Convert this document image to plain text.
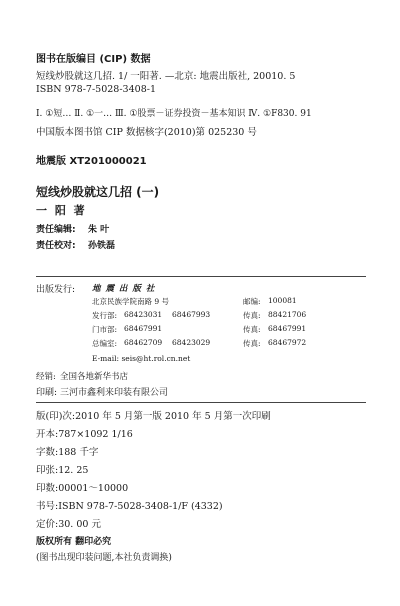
图书在版编目 (CIP) 数据
短线炒股就这几招. 1/ 一阳著. —北京: 地震出版社, 20010. 5
ISBN 978-7-5028-3408-1
Ⅰ. ①短… Ⅱ. ①一… Ⅲ. ①股票－证券投资－基本知识 Ⅳ. ①F830. 91
中国版本图书馆 CIP 数据核字(2010)第 025230 号
地震版 XT201000021
短线炒股就这几招 (一)
一 阳 著
责任编辑: 朱 叶
责任校对: 孙铁磊
出版发行: 地 震 出 版 社
北京民族学院南路 9 号	邮编: 100081
发行部: 68423031 68467993	传真: 88421706
门市部: 68467991	传真: 68467991
总编室: 68462709 68423029	传真: 68467972
E-mail: seis@ht.rol.cn.net
经销: 全国各地新华书店
印刷: 三河市鑫利来印装有限公司
版(印)次:2010 年 5 月第一版 2010 年 5 月第一次印刷
开本:787×1092 1/16
字数:188 千字
印张:12. 25
印数:00001～10000
书号:ISBN 978-7-5028-3408-1/F (4332)
定价:30. 00 元
版权所有 翻印必究
(图书出现印装问题,本社负责调换)
